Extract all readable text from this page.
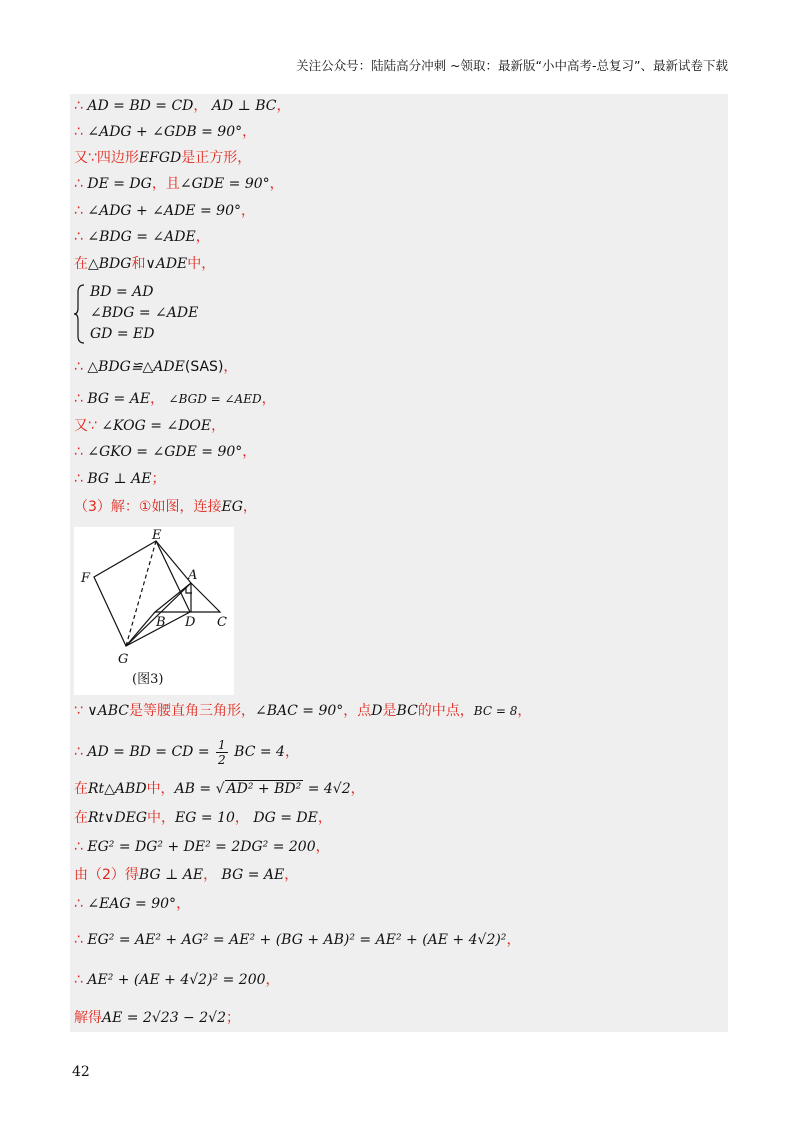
关注公众号：陆陆高分冲刺 ~领取：最新版“小中高考-总复习”、最新试卷下载
∴ AD = BD = CD， AD ⊥ BC，
∴ ∠ADG + ∠GDB = 90°，
又∵四边形EFGD是正方形，
∴ DE = DG，且∠GDE = 90°，
∴ ∠ADG + ∠ADE = 90°，
∴ ∠BDG = ∠ADE，
在△BDG和∨ADE中，
BD = AD
∠BDG = ∠ADE
GD = ED
∴ △BDG≌△ADE(SAS)，
∴ BG = AE， ∠BGD = ∠AED，
又∵ ∠KOG = ∠DOE，
∴ ∠GKO = ∠GDE = 90°，
∴ BG ⊥ AE；
（3）解：①如图，连接EG，
E
F	A
B D C
G
(图3)
∵ ∨ABC是等腰直角三角形，∠BAC = 90°，点D是BC的中点，BC = 8，
∴ AD = BD = CD = $\frac{1}{2}$ BC = 4，
在Rt△ABD中，AB = √ AD² + BD² = 4√2，
在Rt∨DEG中，EG = 10， DG = DE，
∴ EG² = DG² + DE² = 2DG² = 200，
由（2）得BG ⊥ AE， BG = AE，
∴ ∠EAG = 90°，
∴ EG² = AE² + AG² = AE² + (BG + AB)² = AE² + (AE + 4√2)²，
∴ AE² + (AE + 4√2)² = 200，
解得AE = 2√23 − 2√2；
42
